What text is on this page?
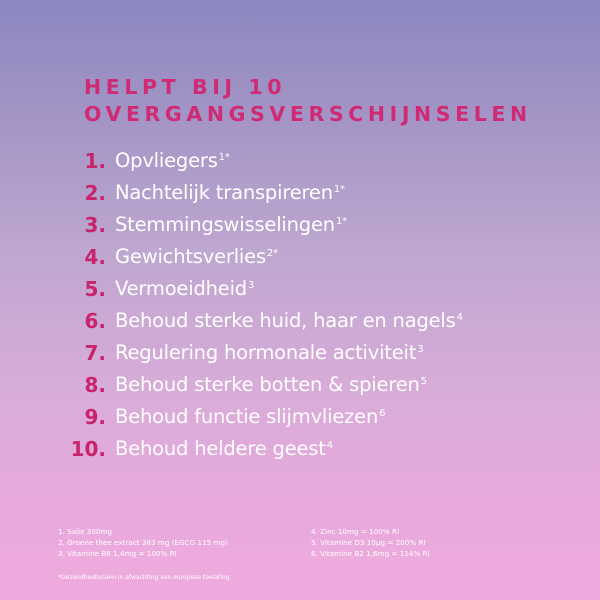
HELPT BIJ 10
OVERGANGSVERSCHIJNSELEN
1. Opvliegers$^{1*}$
2. Nachtelijk transpireren$^{1*}$
3. Stemmingswisselingen$^{1*}$
4. Gewichtsverlies$^{2*}$
5. Vermoeidheid$^3$
6. Behoud sterke huid, haar en nagels$^4$
7. Regulering hormonale activiteit$^3$
8. Behoud sterke botten & spieren$^5$
9. Behoud functie slijmvliezen$^6$
10. Behoud heldere geest$^4$
1. Salie 300mg
2. Groene thee extract 383 mg (EGCG 115 mg)
3. Vitamine B6 1,4mg = 100% RI
4. Zinc 10mg = 100% RI
5. Vitamine D3 10µg = 200% RI
6. Vitamine B2 1,6mg = 114% RI
*Gezondheidsclaim in afwachting van europese toelating
